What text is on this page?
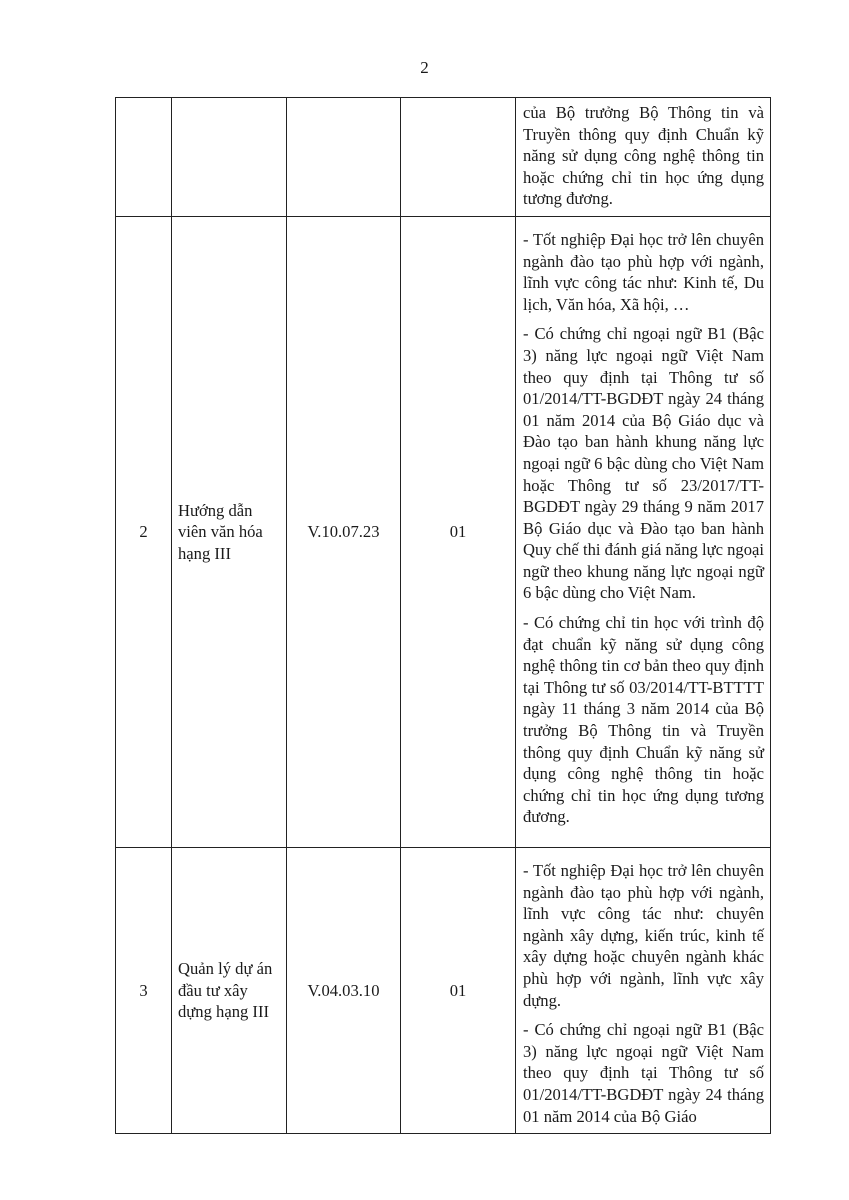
2

				của Bộ trưởng Bộ Thông tin và Truyền thông quy định Chuẩn kỹ năng sử dụng công nghệ thông tin hoặc chứng chỉ tin học ứng dụng tương đương.

2	Hướng dẫn viên văn hóa hạng III	V.10.07.23	01	- Tốt nghiệp Đại học trở lên chuyên ngành đào tạo phù hợp với ngành, lĩnh vực công tác như: Kinh tế, Du lịch, Văn hóa, Xã hội, …
- Có chứng chỉ ngoại ngữ B1 (Bậc 3) năng lực ngoại ngữ Việt Nam theo quy định tại Thông tư số 01/2014/TT-BGDĐT ngày 24 tháng 01 năm 2014 của Bộ Giáo dục và Đào tạo ban hành khung năng lực ngoại ngữ 6 bậc dùng cho Việt Nam hoặc Thông tư số 23/2017/TT-BGDĐT ngày 29 tháng 9 năm 2017 Bộ Giáo dục và Đào tạo ban hành Quy chế thi đánh giá năng lực ngoại ngữ theo khung năng lực ngoại ngữ 6 bậc dùng cho Việt Nam.
- Có chứng chỉ tin học với trình độ đạt chuẩn kỹ năng sử dụng công nghệ thông tin cơ bản theo quy định tại Thông tư số 03/2014/TT-BTTTT ngày 11 tháng 3 năm 2014 của Bộ trưởng Bộ Thông tin và Truyền thông quy định Chuẩn kỹ năng sử dụng công nghệ thông tin hoặc chứng chỉ tin học ứng dụng tương đương.

3	Quản lý dự án đầu tư xây dựng hạng III	V.04.03.10	01	- Tốt nghiệp Đại học trở lên chuyên ngành đào tạo phù hợp với ngành, lĩnh vực công tác như: chuyên ngành xây dựng, kiến trúc, kinh tế xây dựng hoặc chuyên ngành khác phù hợp với ngành, lĩnh vực xây dựng.
- Có chứng chỉ ngoại ngữ B1 (Bậc 3) năng lực ngoại ngữ Việt Nam theo quy định tại Thông tư số 01/2014/TT-BGDĐT ngày 24 tháng 01 năm 2014 của Bộ Giáo
